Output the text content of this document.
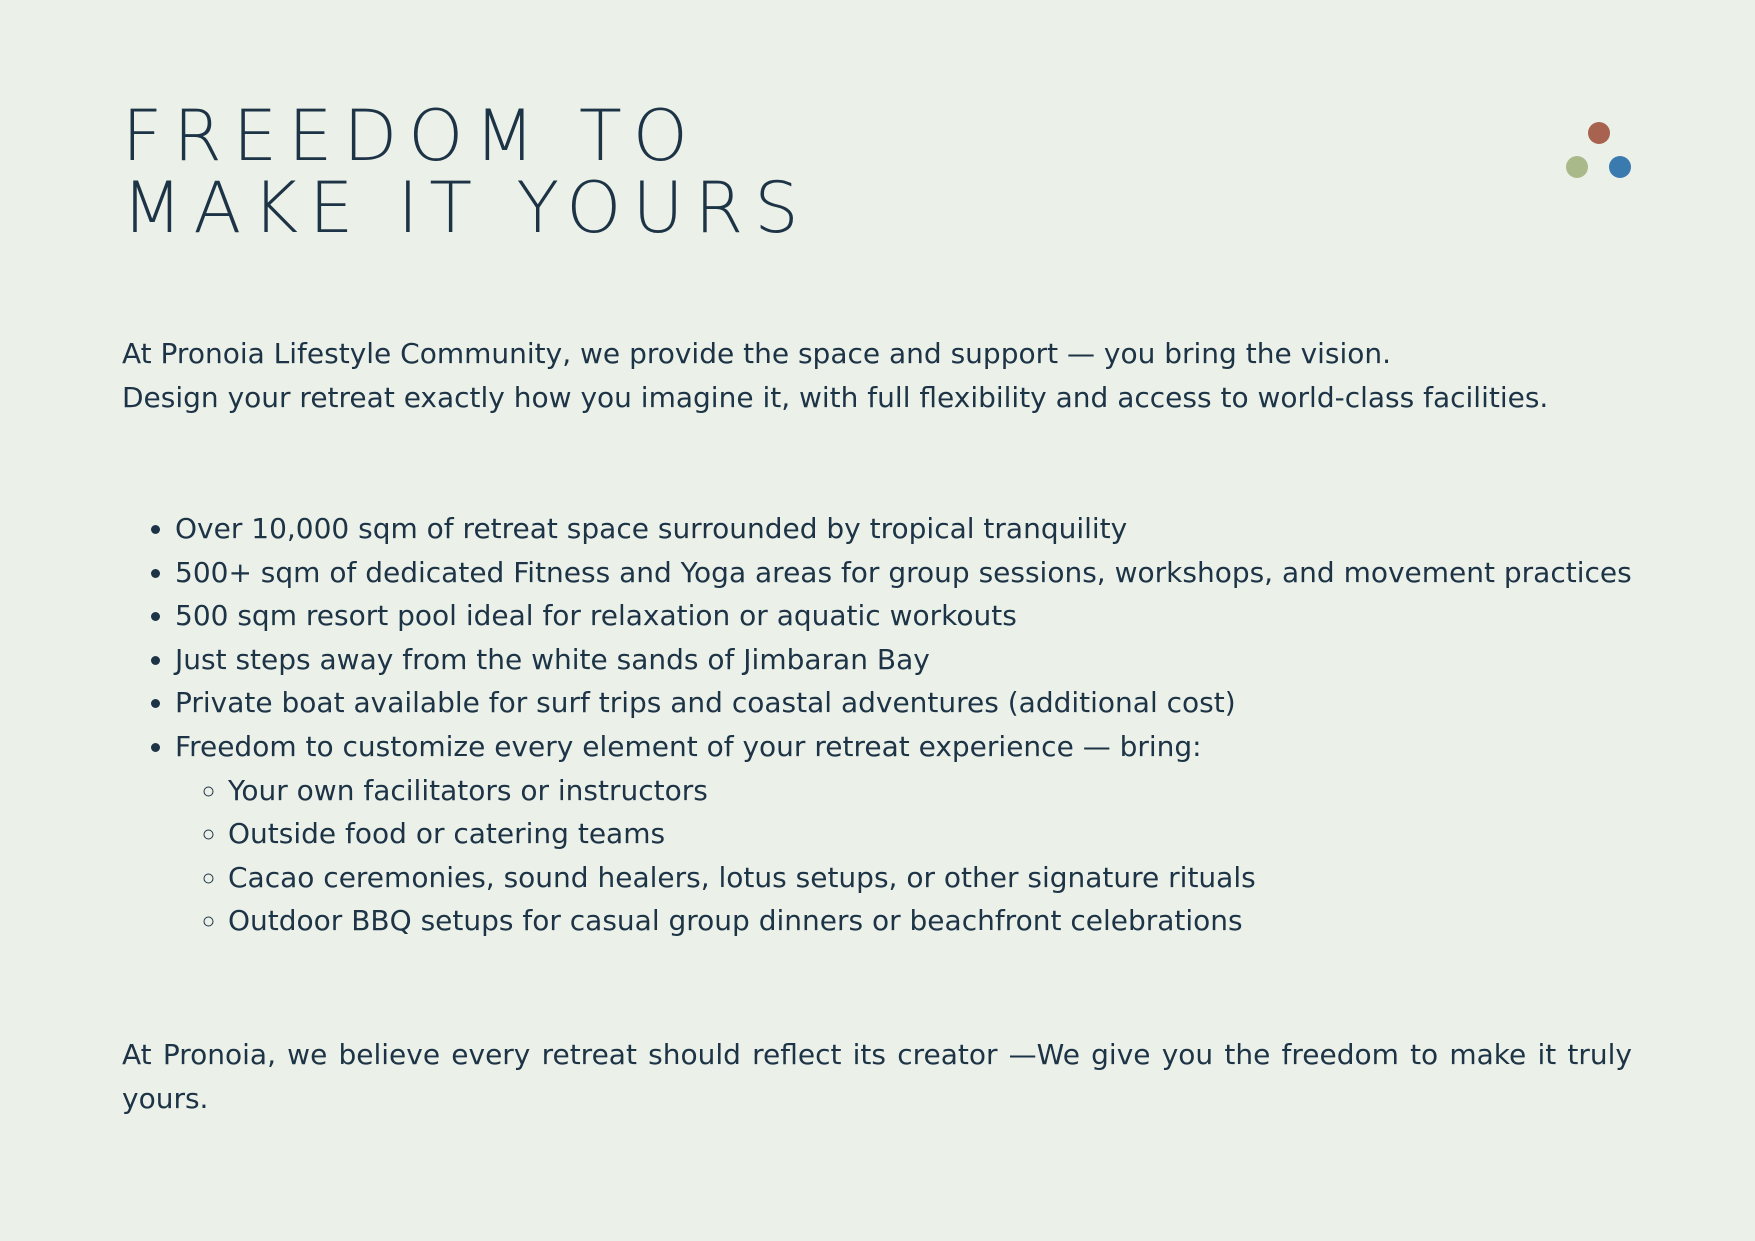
FREEDOM TO
MAKE IT YOURS

At Pronoia Lifestyle Community, we provide the space and support — you bring the vision.

Design your retreat exactly how you imagine it, with full flexibility and access to world-class facilities.

• Over 10,000 sqm of retreat space surrounded by tropical tranquility
• 500+ sqm of dedicated Fitness and Yoga areas for group sessions, workshops, and movement practices
• 500 sqm resort pool ideal for relaxation or aquatic workouts
• Just steps away from the white sands of Jimbaran Bay
• Private boat available for surf trips and coastal adventures (additional cost)
• Freedom to customize every element of your retreat experience — bring:
◦ Your own facilitators or instructors
◦ Outside food or catering teams
◦ Cacao ceremonies, sound healers, lotus setups, or other signature rituals
◦ Outdoor BBQ setups for casual group dinners or beachfront celebrations

At Pronoia, we believe every retreat should reflect its creator —We give you the freedom to make it truly yours.
